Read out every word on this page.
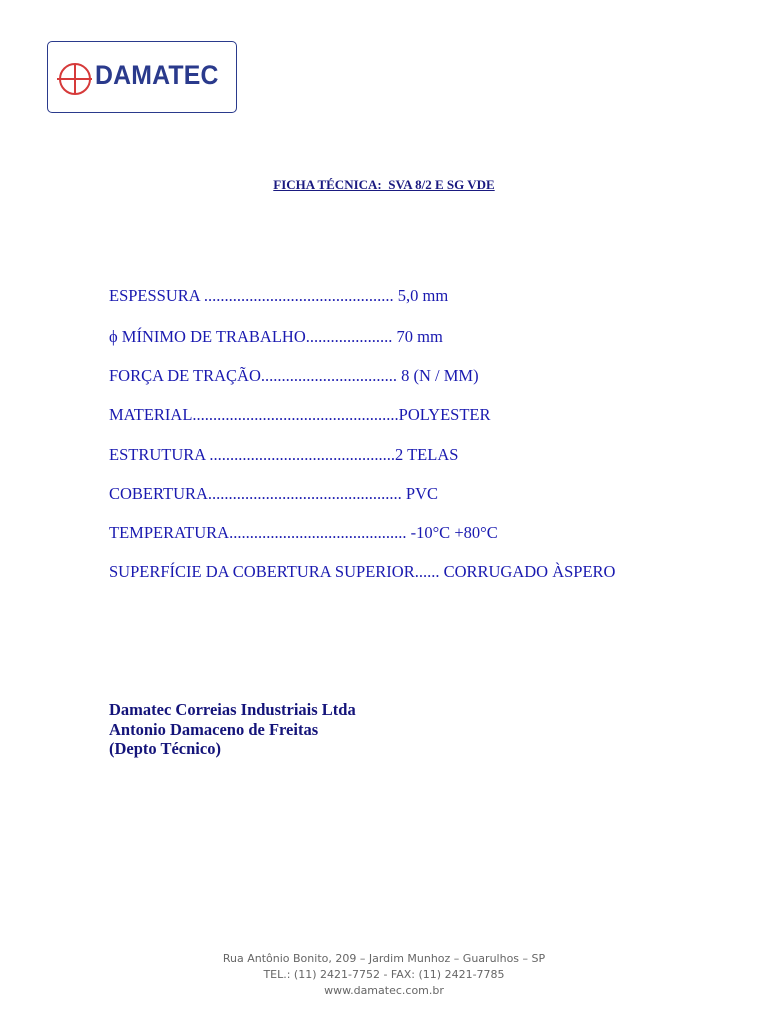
DAMATEC
FICHA TÉCNICA:  SVA 8/2 E SG VDE
ESPESSURA .............................................. 5,0 mm
ϕ MÍNIMO DE TRABALHO..................... 70 mm
FORÇA DE TRAÇÃO................................. 8 (N / MM)
MATERIAL..................................................POLYESTER
ESTRUTURA .............................................2 TELAS
COBERTURA............................................... PVC
TEMPERATURA........................................... -10°C +80°C
SUPERFÍCIE DA COBERTURA SUPERIOR...... CORRUGADO ÀSPERO
Damatec Correias Industriais Ltda
Antonio Damaceno de Freitas
(Depto Técnico)
Rua Antônio Bonito, 209 – Jardim Munhoz – Guarulhos – SP
TEL.: (11) 2421-7752 - FAX: (11) 2421-7785
www.damatec.com.br
